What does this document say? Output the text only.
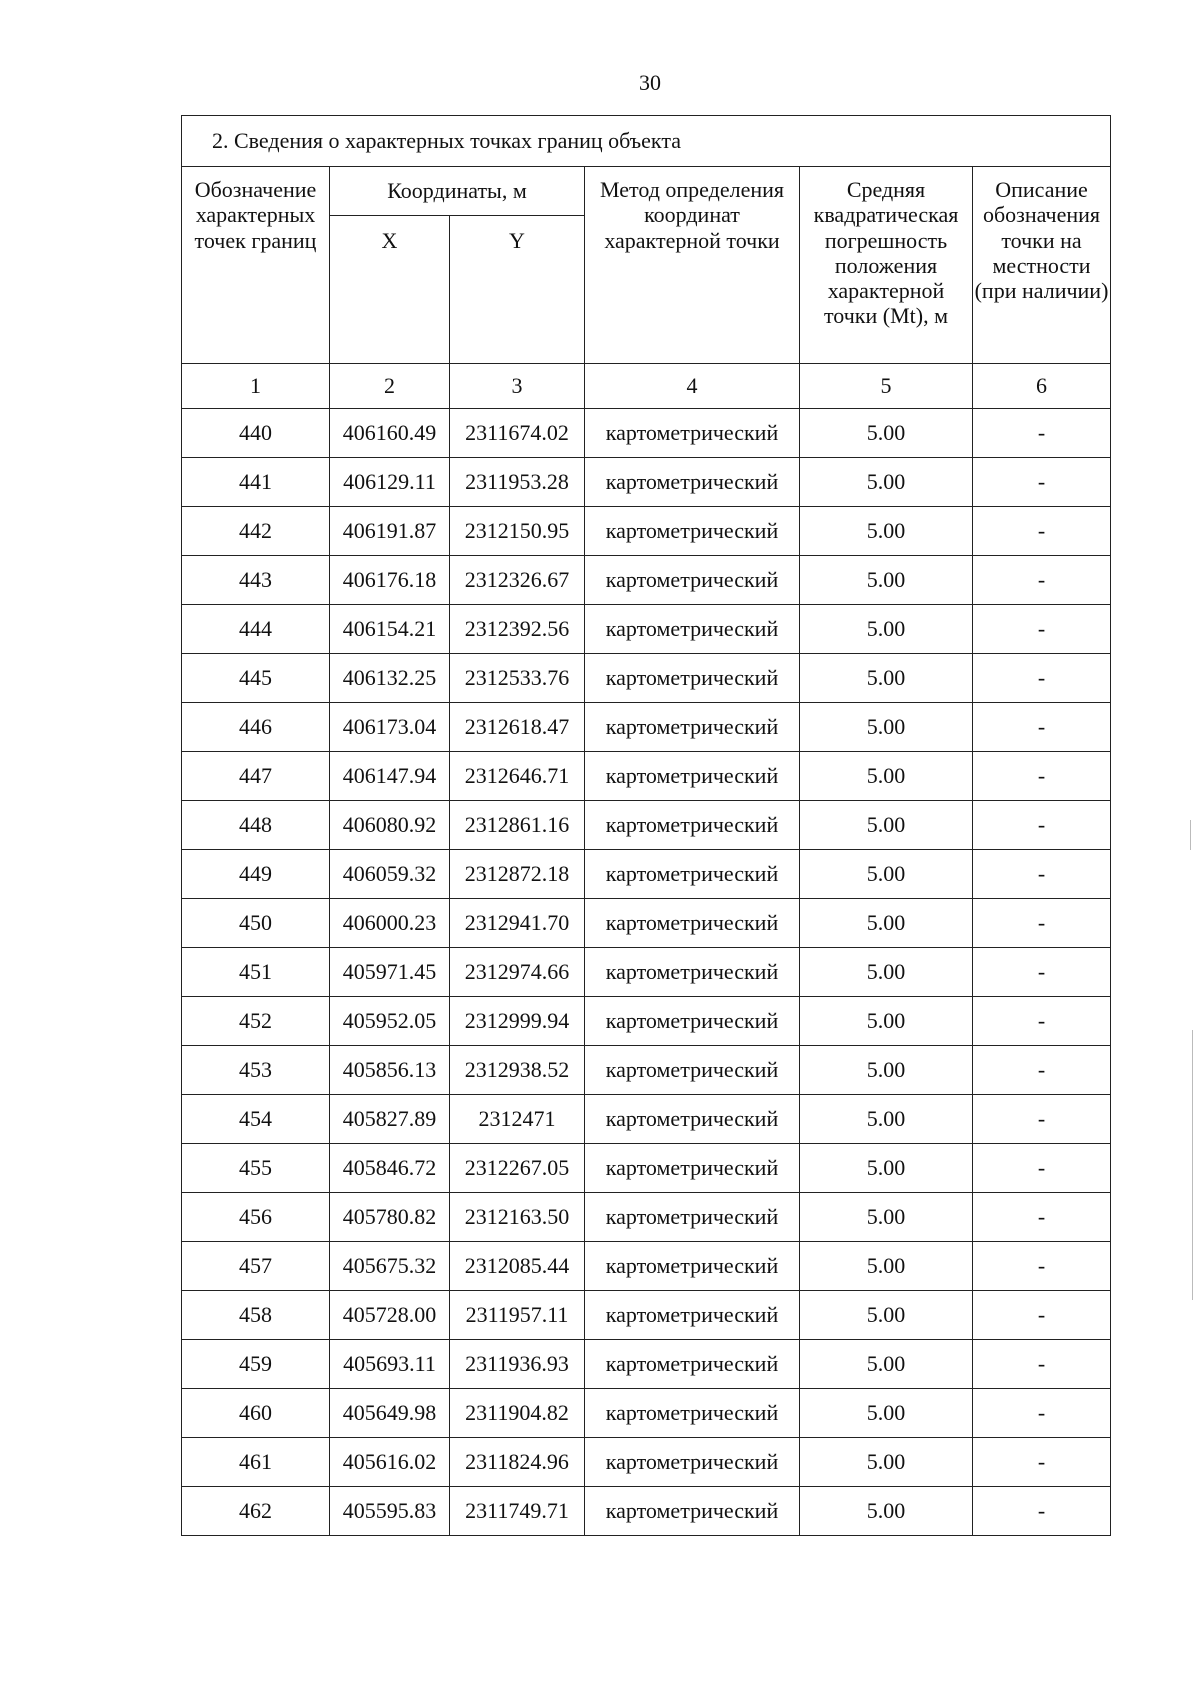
30
2. Сведения о характерных точках границ объекта					
Обозначение характерных точек границ	Координаты, м		Метод определения координат характерной точки	Средняя квадратическая погрешность положения характерной точки (Mt), м	Описание обозначения точки на местности (при наличии)
	X	Y			
1	2	3	4	5	6
440	406160.49	2311674.02	картометрический	5.00	-
441	406129.11	2311953.28	картометрический	5.00	-
442	406191.87	2312150.95	картометрический	5.00	-
443	406176.18	2312326.67	картометрический	5.00	-
444	406154.21	2312392.56	картометрический	5.00	-
445	406132.25	2312533.76	картометрический	5.00	-
446	406173.04	2312618.47	картометрический	5.00	-
447	406147.94	2312646.71	картометрический	5.00	-
448	406080.92	2312861.16	картометрический	5.00	-
449	406059.32	2312872.18	картометрический	5.00	-
450	406000.23	2312941.70	картометрический	5.00	-
451	405971.45	2312974.66	картометрический	5.00	-
452	405952.05	2312999.94	картометрический	5.00	-
453	405856.13	2312938.52	картометрический	5.00	-
454	405827.89	2312471	картометрический	5.00	-
455	405846.72	2312267.05	картометрический	5.00	-
456	405780.82	2312163.50	картометрический	5.00	-
457	405675.32	2312085.44	картометрический	5.00	-
458	405728.00	2311957.11	картометрический	5.00	-
459	405693.11	2311936.93	картометрический	5.00	-
460	405649.98	2311904.82	картометрический	5.00	-
461	405616.02	2311824.96	картометрический	5.00	-
462	405595.83	2311749.71	картометрический	5.00	-
